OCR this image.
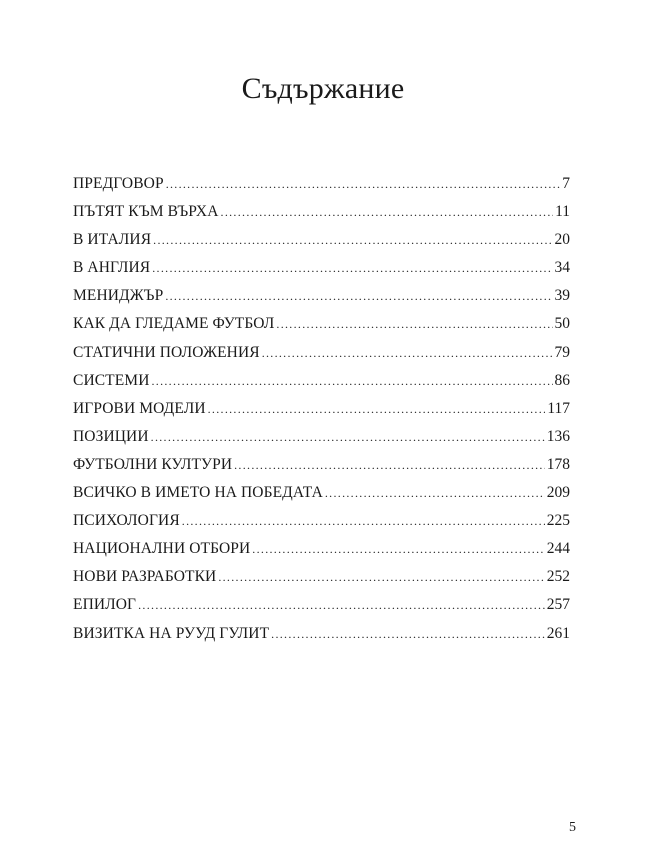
Съдържание
ПРЕДГОВОР .....	7
ПЪТЯТ КЪМ ВЪРХА .....	11
В ИТАЛИЯ .....	20
В АНГЛИЯ .....	34
МЕНИДЖЪР .....	39
КАК ДА ГЛЕДАМЕ ФУТБОЛ .....	50
СТАТИЧНИ ПОЛОЖЕНИЯ .....	79
СИСТЕМИ .....	86
ИГРОВИ МОДЕЛИ .....	117
ПОЗИЦИИ .....	136
ФУТБОЛНИ КУЛТУРИ .....	178
ВСИЧКО В ИМЕТО НА ПОБЕДАТА .....	209
ПСИХОЛОГИЯ .....	225
НАЦИОНАЛНИ ОТБОРИ .....	244
НОВИ РАЗРАБОТКИ .....	252
ЕПИЛОГ .....	257
ВИЗИТКА НА РУУД ГУЛИТ .....	261
5
